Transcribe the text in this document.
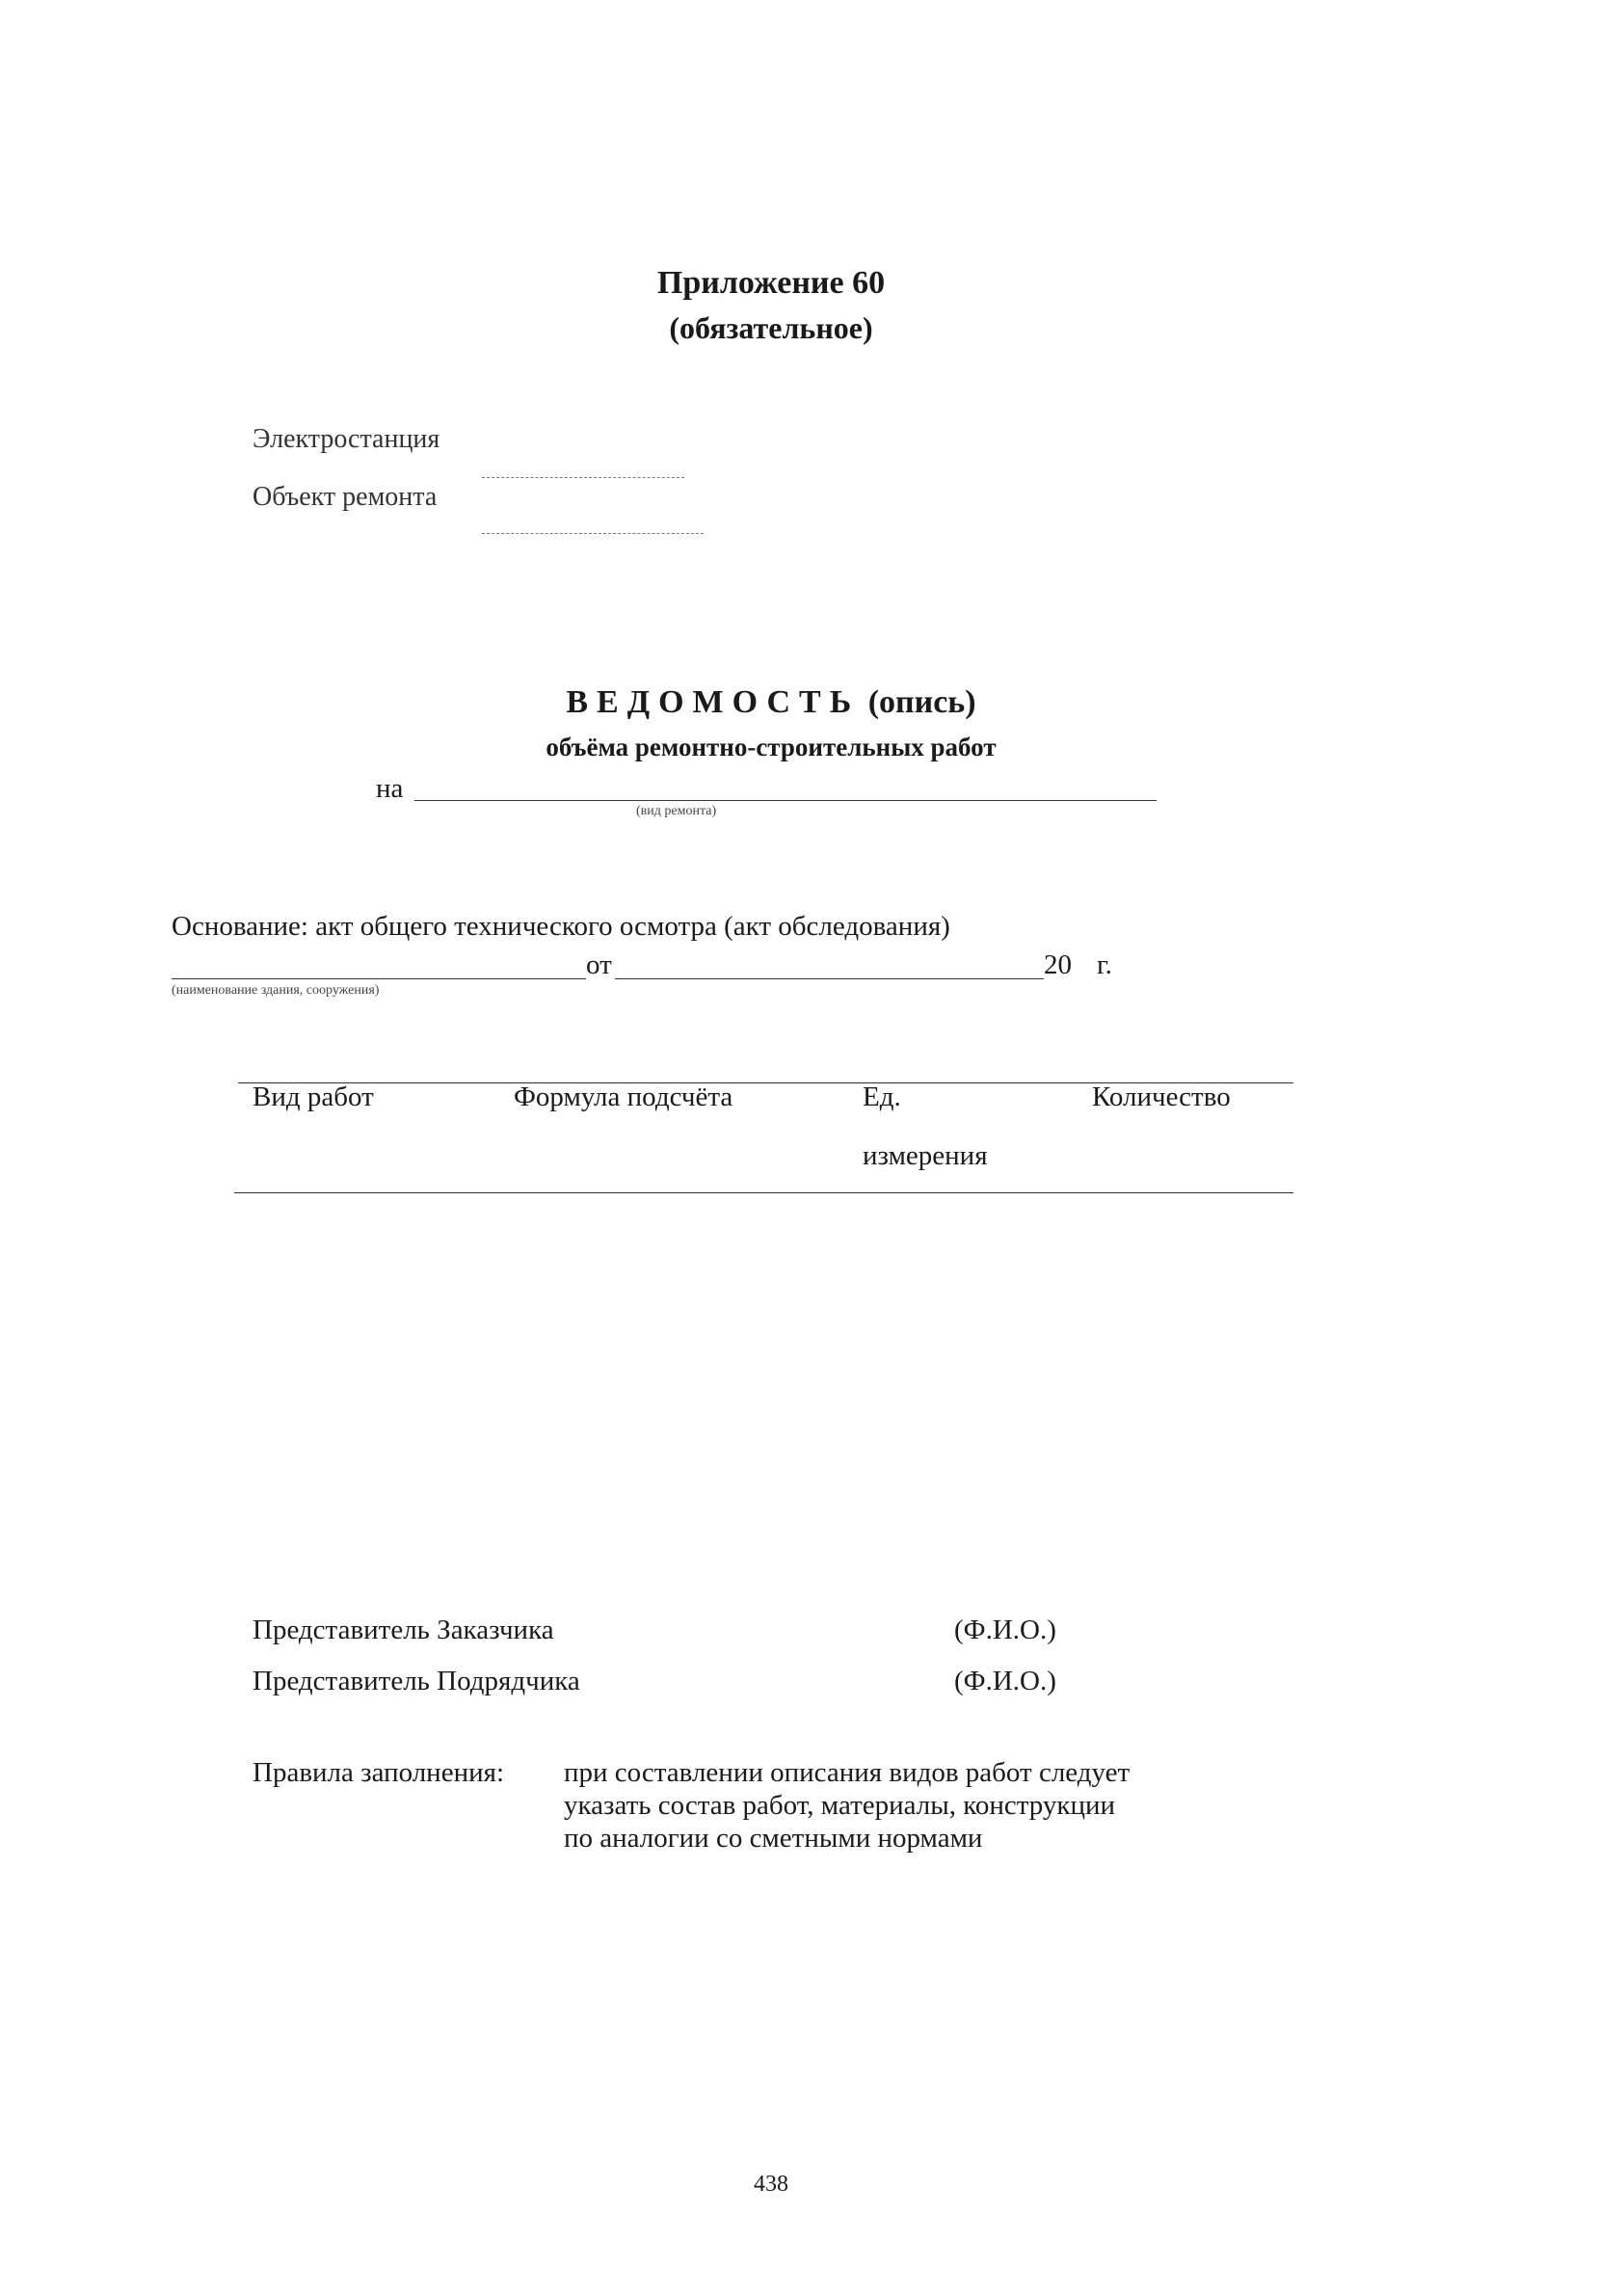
Приложение 60
(обязательное)
Электростанция
Объект ремонта
ВЕДОМОСТЬ (опись)
объёма ремонтно-строительных работ
на
(вид ремонта)
Основание: акт общего технического осмотра (акт обследования)
от	20 г.
(наименование здания, сооружения)
Вид работ	Формула подсчёта	Ед.	Количество
измерения
Представитель Заказчика	(Ф.И.О.)
Представитель Подрядчика	(Ф.И.О.)
Правила заполнения: при составлении описания видов работ следует
указать состав работ, материалы, конструкции
по аналогии со сметными нормами
438
